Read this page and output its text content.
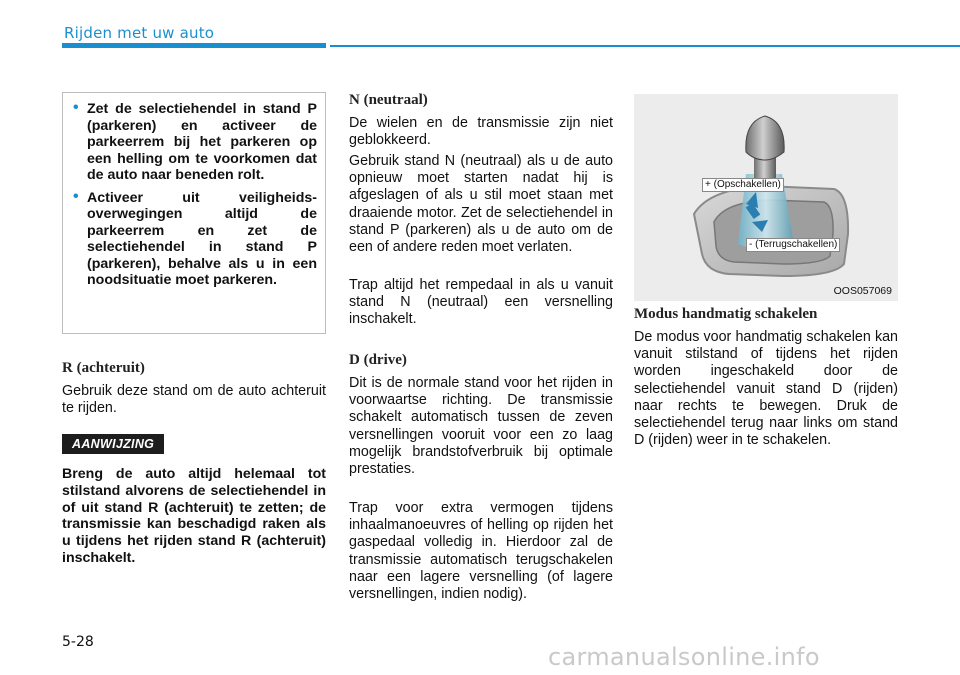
Rijden met uw auto
• Zet de selectiehendel in stand P (parkeren) en activeer de parkeerrem bij het parkeren op een helling om te voorkomen dat de auto naar beneden rolt.
• Activeer uit veiligheids-overwegingen altijd de parkeerrem en zet de selectiehendel in stand P (parkeren), behalve als u in een noodsituatie moet parkeren.
R (achteruit)

Gebruik deze stand om de auto achteruit te rijden.

AANWIJZING

Breng de auto altijd helemaal tot stilstand alvorens de selectiehendel in of uit stand R (achteruit) te zetten; de transmissie kan beschadigd raken als u tijdens het rijden stand R (achteruit) inschakelt.

N (neutraal)

De wielen en de transmissie zijn niet geblokkeerd.

Gebruik stand N (neutraal) als u de auto opnieuw moet starten nadat hij is afgeslagen of als u stil moet staan met draaiende motor. Zet de selectiehendel in stand P (parkeren) als u de auto om de een of andere reden moet verlaten.

Trap altijd het rempedaal in als u vanuit stand N (neutraal) een versnelling inschakelt.

D (drive)

Dit is de normale stand voor het rijden in voorwaartse richting. De transmissie schakelt automatisch tussen de zeven versnellingen vooruit voor een zo laag mogelijk brandstofverbruik bij optimale prestaties.

Trap voor extra vermogen tijdens inhaalmanoeuvres of helling op rijden het gaspedaal volledig in. Hierdoor zal de transmissie automatisch terugschakelen naar een lagere versnelling (of lagere versnellingen, indien nodig).

+ (Opschakellen)
- (Terrugschakellen)
OOS057069
Modus handmatig schakelen

De modus voor handmatig schakelen kan vanuit stilstand of tijdens het rijden worden ingeschakeld door de selectiehendel vanuit stand D (rijden) naar rechts te bewegen. Druk de selectiehendel terug naar links om stand D (rijden) weer in te schakelen.

5-28
carmanualsonline.info
